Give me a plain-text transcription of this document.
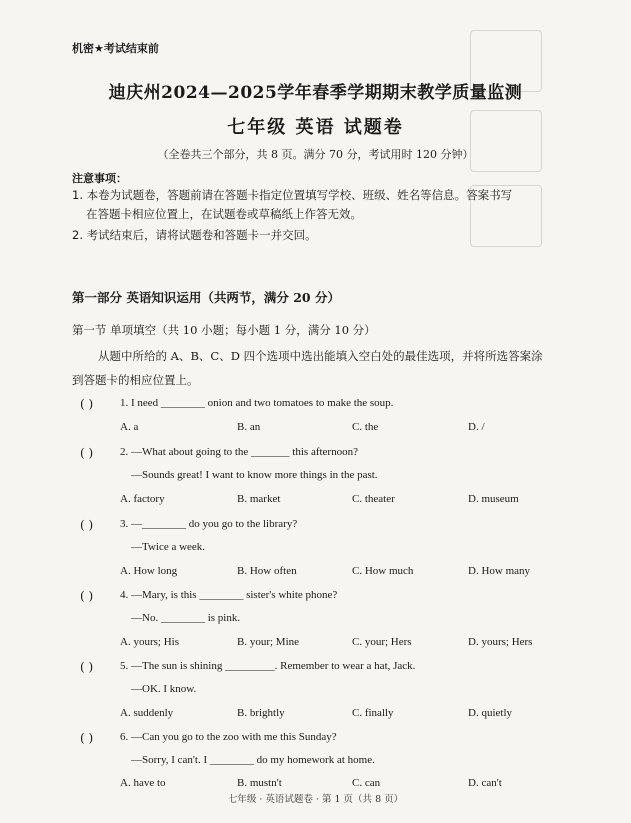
机密★考试结束前
迪庆州2024—2025学年春季学期期末教学质量监测
七年级 英语 试题卷
（全卷共三个部分，共 8 页。满分 70 分，考试用时 120 分钟）
注意事项：
1. 本卷为试题卷，答题前请在答题卡指定位置填写学校、班级、姓名等信息。答案书写
在答题卡相应位置上，在试题卷或草稿纸上作答无效。
2. 考试结束后，请将试题卷和答题卡一并交回。
第一部分 英语知识运用（共两节，满分 20 分）
第一节 单项填空（共 10 小题；每小题 1 分，满分 10 分）
从题中所给的 A、B、C、D 四个选项中选出能填入空白处的最佳选项，并将所选答案涂
到答题卡的相应位置上。
( ) 1. I need ________ onion and two tomatoes to make the soup.
A. a	B. an	C. the	D. /
( ) 2. —What about going to the _______ this afternoon?
—Sounds great! I want to know more things in the past.
A. factory	B. market	C. theater	D. museum
( ) 3. —________ do you go to the library?
—Twice a week.
A. How long	B. How often	C. How much	D. How many
( ) 4. —Mary, is this ________ sister's white phone?
—No. ________ is pink.
A. yours; His	B. your; Mine	C. your; Hers	D. yours; Hers
( ) 5. —The sun is shining _________. Remember to wear a hat, Jack.
—OK. I know.
A. suddenly	B. brightly	C. finally	D. quietly
( ) 6. —Can you go to the zoo with me this Sunday?
—Sorry, I can't. I ________ do my homework at home.
A. have to	B. mustn't	C. can	D. can't
七年级 · 英语试题卷 · 第 1 页（共 8 页）
